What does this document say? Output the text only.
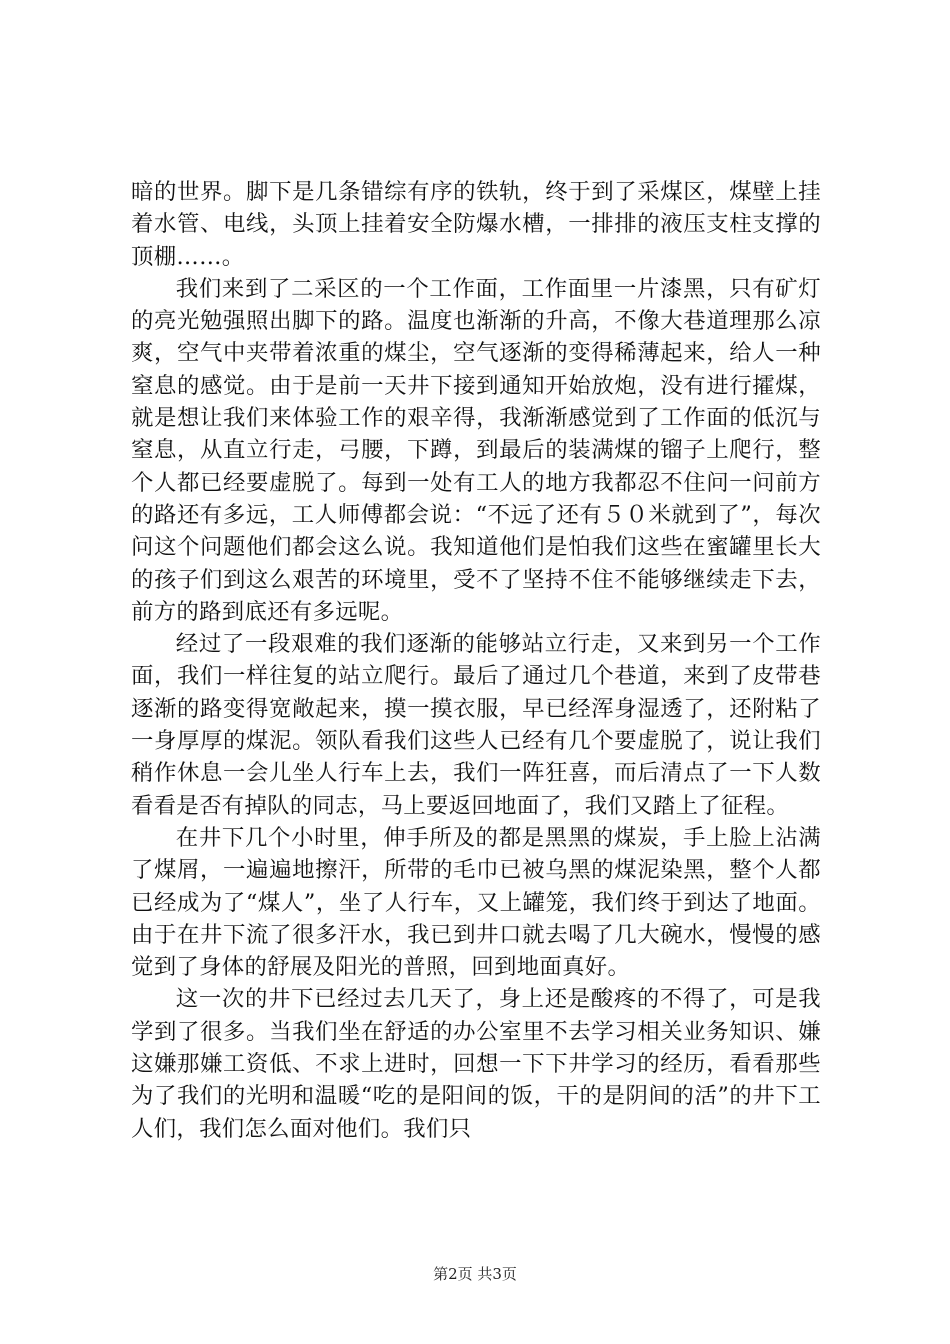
暗的世界。脚下是几条错综有序的铁轨，终于到了采煤区，煤壁上挂着水管、电线，头顶上挂着安全防爆水槽，一排排的液压支柱支撑的顶棚……。

我们来到了二采区的一个工作面，工作面里一片漆黑，只有矿灯的亮光勉强照出脚下的路。温度也渐渐的升高，不像大巷道理那么凉爽，空气中夹带着浓重的煤尘，空气逐渐的变得稀薄起来，给人一种窒息的感觉。由于是前一天井下接到通知开始放炮，没有进行攉煤，就是想让我们来体验工作的艰辛得，我渐渐感觉到了工作面的低沉与窒息，从直立行走，弓腰，下蹲，到最后的装满煤的镏子上爬行，整个人都已经要虚脱了。每到一处有工人的地方我都忍不住问一问前方的路还有多远，工人师傅都会说：“不远了还有５０米就到了”，每次问这个问题他们都会这么说。我知道他们是怕我们这些在蜜罐里长大的孩子们到这么艰苦的环境里，受不了坚持不住不能够继续走下去，前方的路到底还有多远呢。

经过了一段艰难的我们逐渐的能够站立行走，又来到另一个工作面，我们一样往复的站立爬行。最后了通过几个巷道，来到了皮带巷逐渐的路变得宽敞起来，摸一摸衣服，早已经浑身湿透了，还附粘了一身厚厚的煤泥。领队看我们这些人已经有几个要虚脱了，说让我们稍作休息一会儿坐人行车上去，我们一阵狂喜，而后清点了一下人数看看是否有掉队的同志，马上要返回地面了，我们又踏上了征程。

在井下几个小时里，伸手所及的都是黑黑的煤炭，手上脸上沾满了煤屑，一遍遍地擦汗，所带的毛巾已被乌黑的煤泥染黑，整个人都已经成为了“煤人”，坐了人行车，又上罐笼，我们终于到达了地面。由于在井下流了很多汗水，我已到井口就去喝了几大碗水，慢慢的感觉到了身体的舒展及阳光的普照，回到地面真好。

这一次的井下已经过去几天了，身上还是酸疼的不得了，可是我学到了很多。当我们坐在舒适的办公室里不去学习相关业务知识、嫌这嫌那嫌工资低、不求上进时，回想一下下井学习的经历，看看那些为了我们的光明和温暖“吃的是阳间的饭，干的是阴间的活”的井下工人们，我们怎么面对他们。我们只

第2页 共3页
